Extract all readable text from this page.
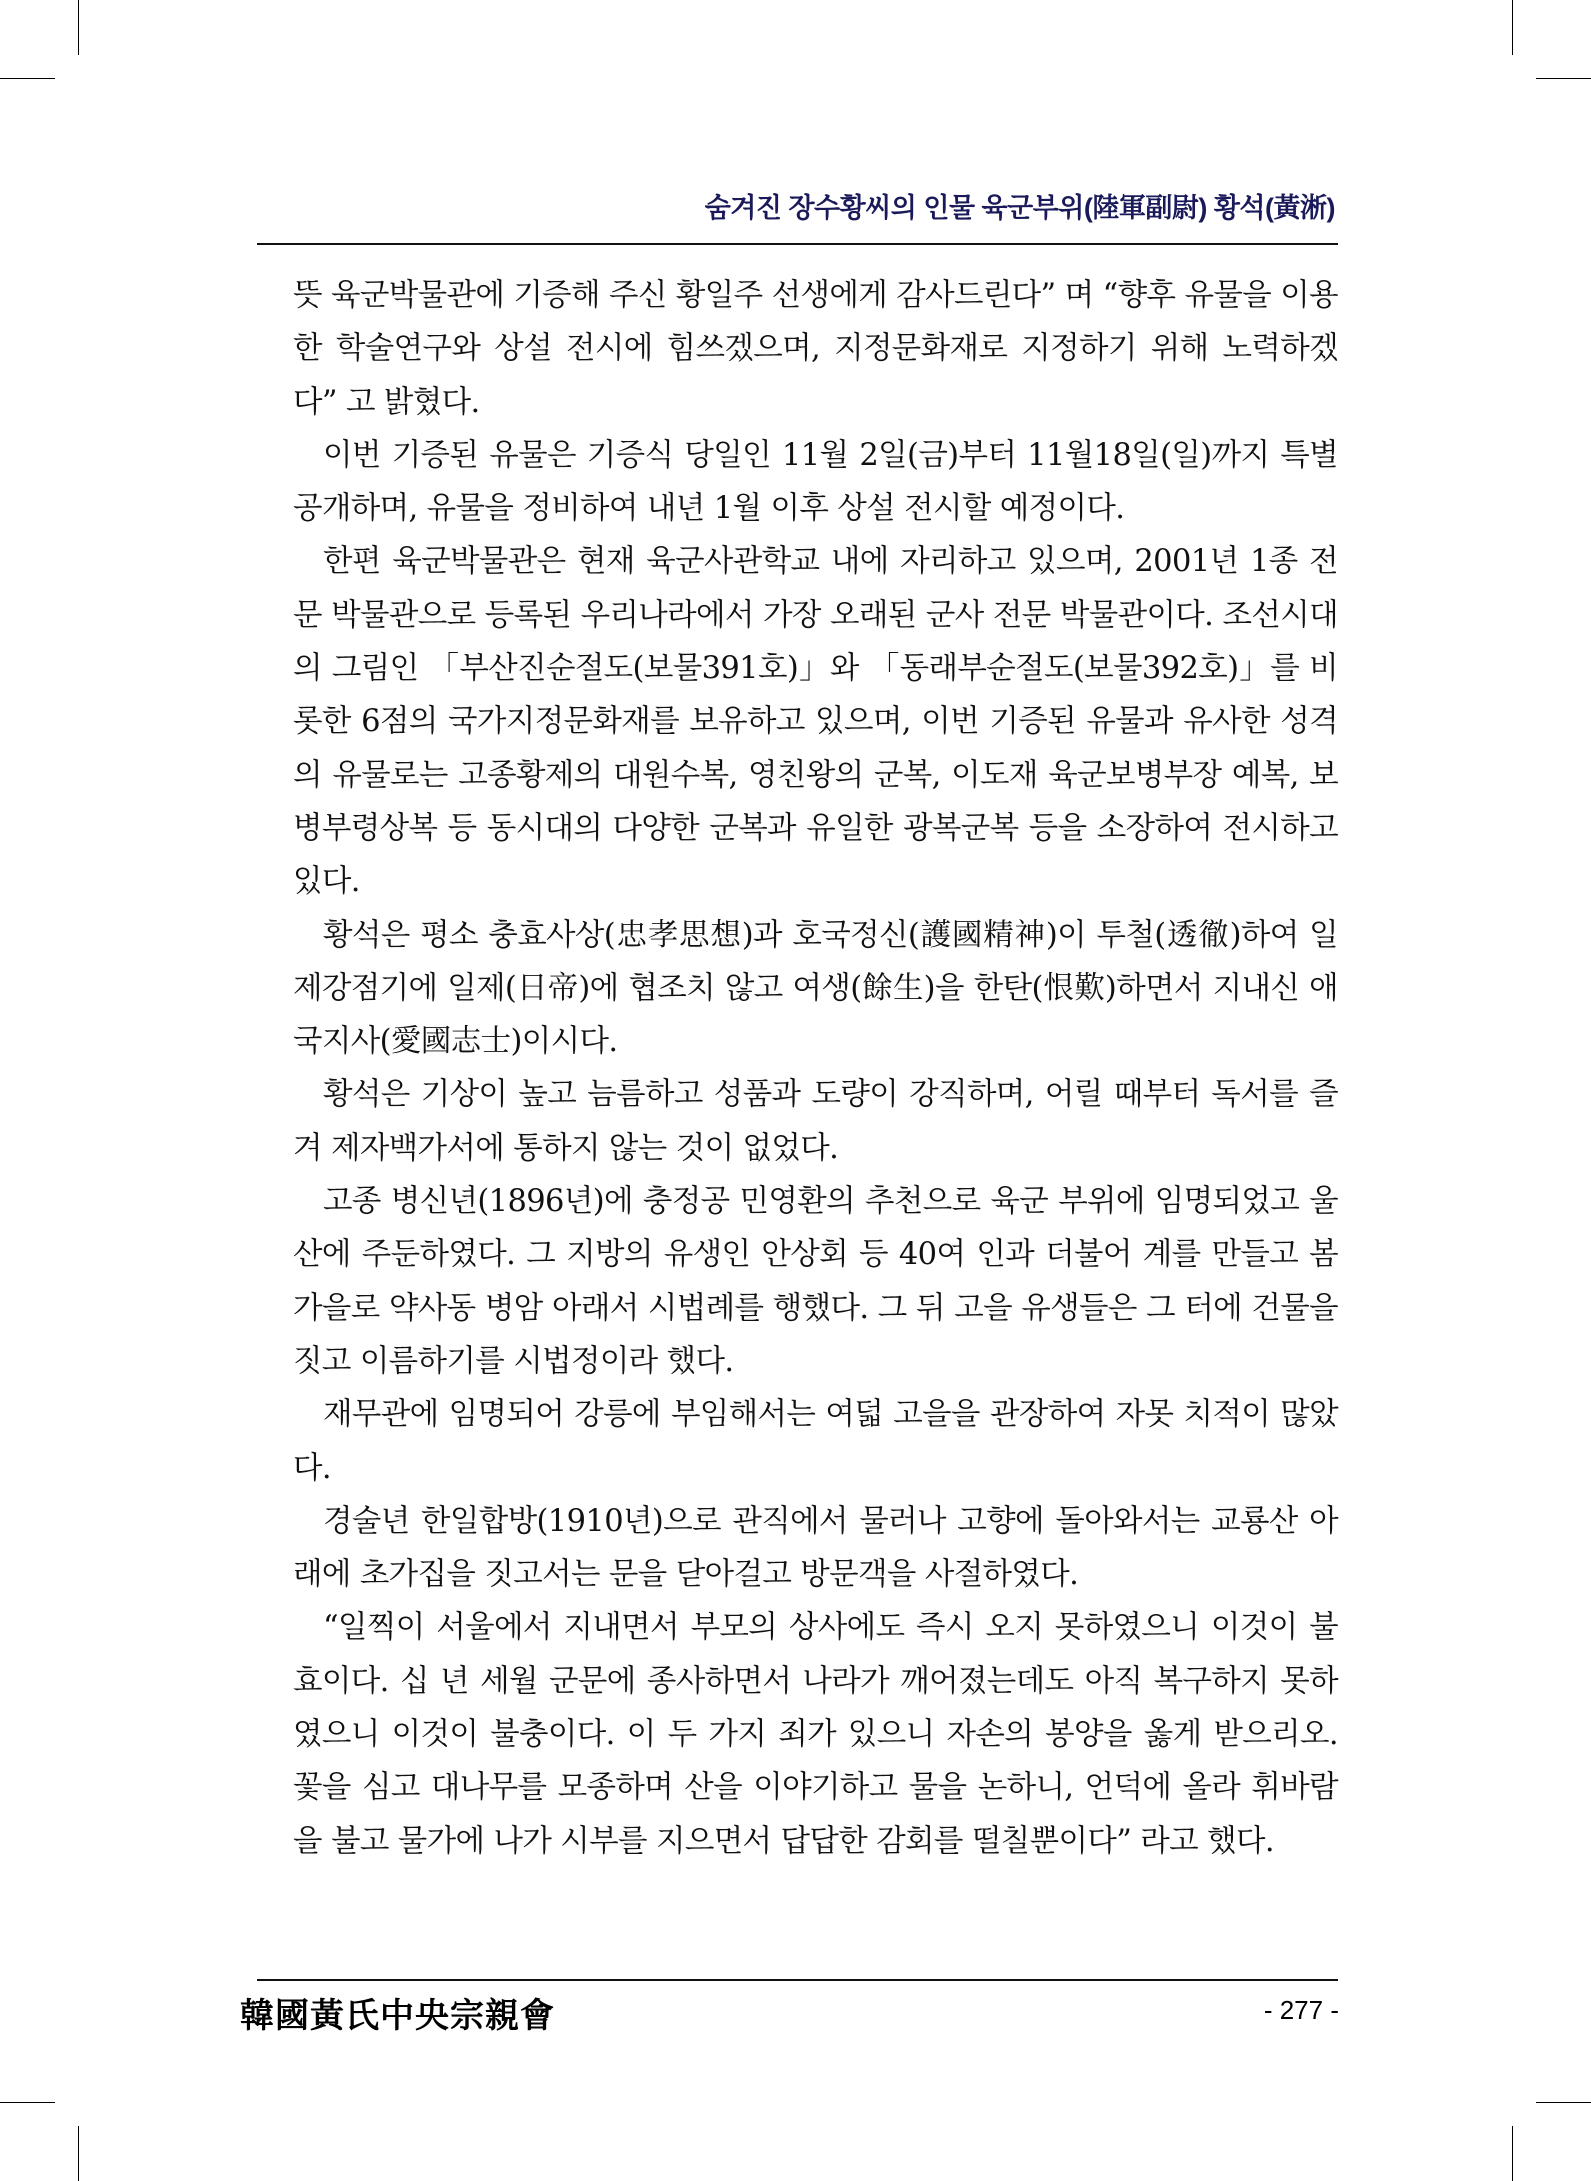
숨겨진 장수황씨의 인물 육군부위(陸軍副尉) 황석(黃淅)

뜻 육군박물관에 기증해 주신 황일주 선생에게 감사드린다” 며 “향후 유물을 이용한 학술연구와 상설 전시에 힘쓰겠으며, 지정문화재로 지정하기 위해 노력하겠다” 고 밝혔다.

이번 기증된 유물은 기증식 당일인 11월 2일(금)부터 11월18일(일)까지 특별 공개하며, 유물을 정비하여 내년 1월 이후 상설 전시할 예정이다.

한편 육군박물관은 현재 육군사관학교 내에 자리하고 있으며, 2001년 1종 전문 박물관으로 등록된 우리나라에서 가장 오래된 군사 전문 박물관이다. 조선시대의 그림인 「부산진순절도(보물391호)」와 「동래부순절도(보물392호)」를 비롯한 6점의 국가지정문화재를 보유하고 있으며, 이번 기증된 유물과 유사한 성격의 유물로는 고종황제의 대원수복, 영친왕의 군복, 이도재 육군보병부장 예복, 보병부령상복 등 동시대의 다양한 군복과 유일한 광복군복 등을 소장하여 전시하고 있다.

황석은 평소 충효사상(忠孝思想)과 호국정신(護國精神)이 투철(透徹)하여 일제강점기에 일제(日帝)에 협조치 않고 여생(餘生)을 한탄(恨歎)하면서 지내신 애국지사(愛國志士)이시다.

황석은 기상이 높고 늠름하고 성품과 도량이 강직하며, 어릴 때부터 독서를 즐겨 제자백가서에 통하지 않는 것이 없었다.

고종 병신년(1896년)에 충정공 민영환의 추천으로 육군 부위에 임명되었고 울산에 주둔하였다. 그 지방의 유생인 안상회 등 40여 인과 더불어 계를 만들고 봄가을로 약사동 병암 아래서 시법례를 행했다. 그 뒤 고을 유생들은 그 터에 건물을 짓고 이름하기를 시법정이라 했다.

재무관에 임명되어 강릉에 부임해서는 여덟 고을을 관장하여 자못 치적이 많았다.

경술년 한일합방(1910년)으로 관직에서 물러나 고향에 돌아와서는 교룡산 아래에 초가집을 짓고서는 문을 닫아걸고 방문객을 사절하였다.

“일찍이 서울에서 지내면서 부모의 상사에도 즉시 오지 못하였으니 이것이 불효이다. 십 년 세월 군문에 종사하면서 나라가 깨어졌는데도 아직 복구하지 못하였으니 이것이 불충이다. 이 두 가지 죄가 있으니 자손의 봉양을 옳게 받으리오. 꽃을 심고 대나무를 모종하며 산을 이야기하고 물을 논하니, 언덕에 올라 휘바람을 불고 물가에 나가 시부를 지으면서 답답한 감회를 떨칠뿐이다” 라고 했다.

韓國黃氏中央宗親會	- 277 -
